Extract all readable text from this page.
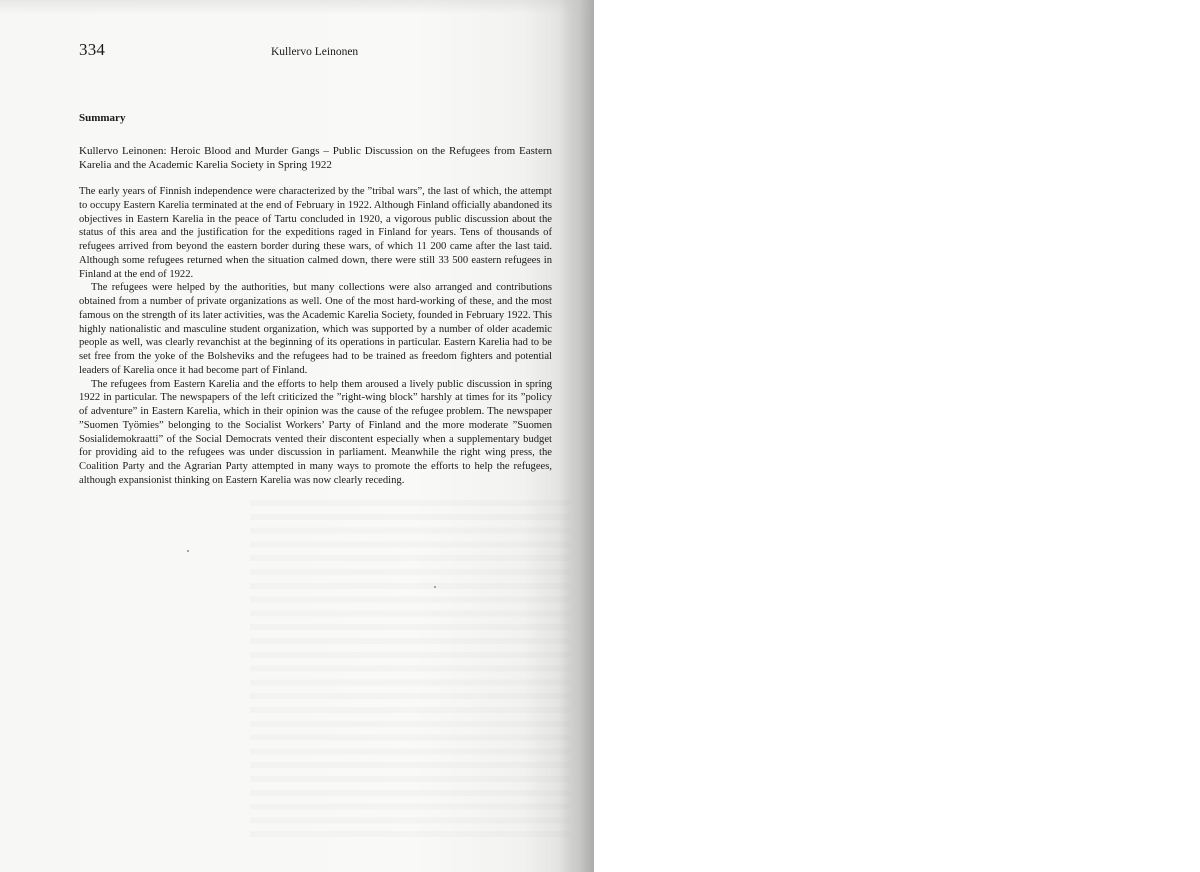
334	Kullervo Leinonen
Summary
Kullervo Leinonen: Heroic Blood and Murder Gangs – Public Discussion on the Refugees from Eastern Karelia and the Academic Karelia Society in Spring 1922

The early years of Finnish independence were characterized by the ”tribal wars”, the last of which, the attempt to occupy Eastern Karelia terminated at the end of February in 1922. Although Finland officially abandoned its objectives in Eastern Karelia in the peace of Tartu concluded in 1920, a vigorous public discussion about the status of this area and the justification for the expeditions raged in Finland for years. Tens of thousands of refugees arrived from beyond the eastern border during these wars, of which 11 200 came after the last taid. Although some refugees returned when the situation calmed down, there were still 33 500 eastern refugees in Finland at the end of 1922.

The refugees were helped by the authorities, but many collections were also arranged and contributions obtained from a number of private organizations as well. One of the most hard-working of these, and the most famous on the strength of its later activities, was the Academic Karelia Society, founded in February 1922. This highly nationalistic and masculine student organization, which was supported by a number of older academic people as well, was clearly revanchist at the beginning of its operations in particular. Eastern Karelia had to be set free from the yoke of the Bolsheviks and the refugees had to be trained as freedom fighters and potential leaders of Karelia once it had become part of Finland.

The refugees from Eastern Karelia and the efforts to help them aroused a lively public discussion in spring 1922 in particular. The newspapers of the left criticized the ”right-wing block” harshly at times for its ”policy of adventure” in Eastern Karelia, which in their opinion was the cause of the refugee problem. The newspaper ”Suomen Työmies” belonging to the Socialist Workers’ Party of Finland and the more moderate ”Suomen Sosialidemokraatti” of the Social Democrats vented their discontent especially when a supplementary budget for providing aid to the refugees was under discussion in parliament. Meanwhile the right wing press, the Coalition Party and the Agrarian Party attempted in many ways to promote the efforts to help the refugees, although expansionist thinking on Eastern Karelia was now clearly receding.
